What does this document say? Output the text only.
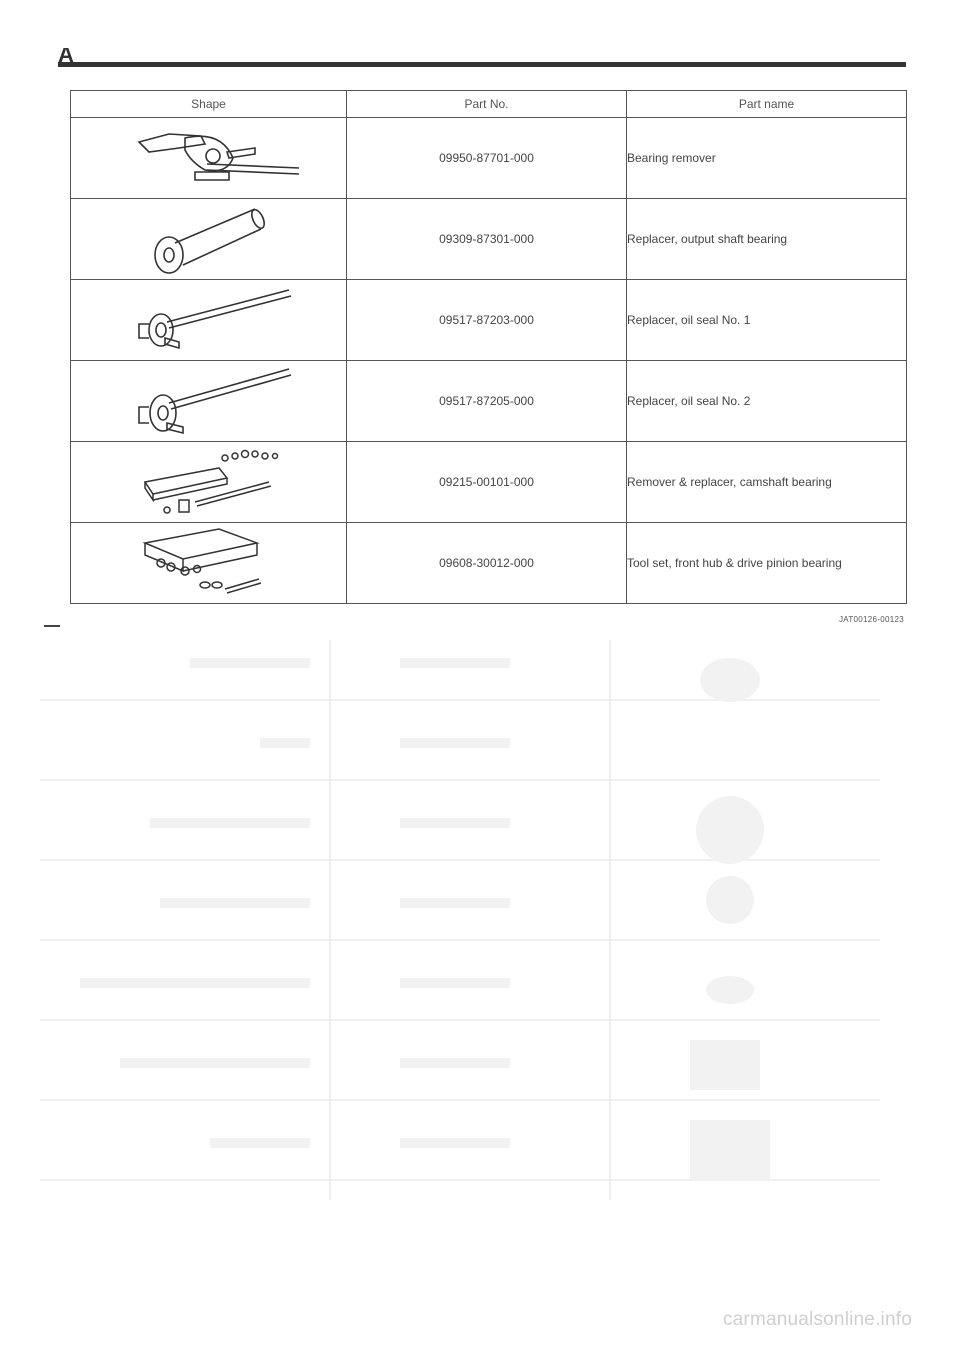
A
Shape	Part No.	Part name

	09950-87701-000	Bearing remover

	09309-87301-000	Replacer, output shaft bearing

	09517-87203-000	Replacer, oil seal No. 1

	09517-87205-000	Replacer, oil seal No. 2

	09215-00101-000	Remover & replacer, camshaft bearing

	09608-30012-000	Tool set, front hub & drive pinion bearing
JAT00126-00123
carmanualsonline.info
